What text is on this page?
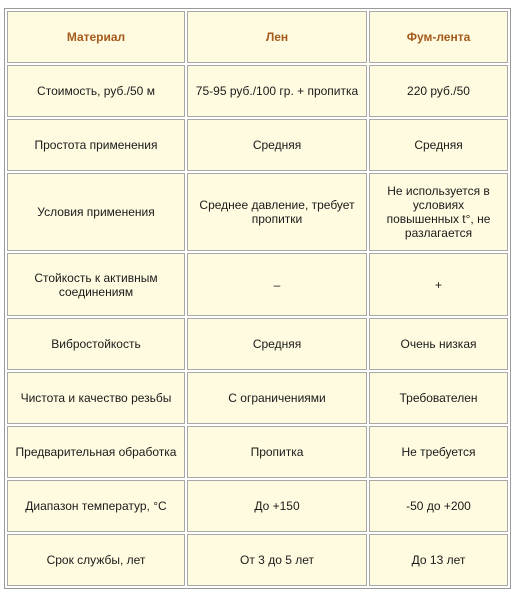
Материал	Лен	Фум-лента
Стоимость, руб./50 м	75-95 руб./100 гр. + пропитка	220 руб./50
Простота применения	Средняя	Средняя
Условия применения	Среднее давление, требует пропитки	Не используется в условиях повышенных t°, не разлагается
Стойкость к активным соединениям	–	+
Вибростойкость	Средняя	Очень низкая
Чистота и качество резьбы	С ограничениями	Требователен
Предварительная обработка	Пропитка	Не требуется
Диапазон температур, °С	До +150	-50 до +200
Срок службы, лет	От 3 до 5 лет	До 13 лет
